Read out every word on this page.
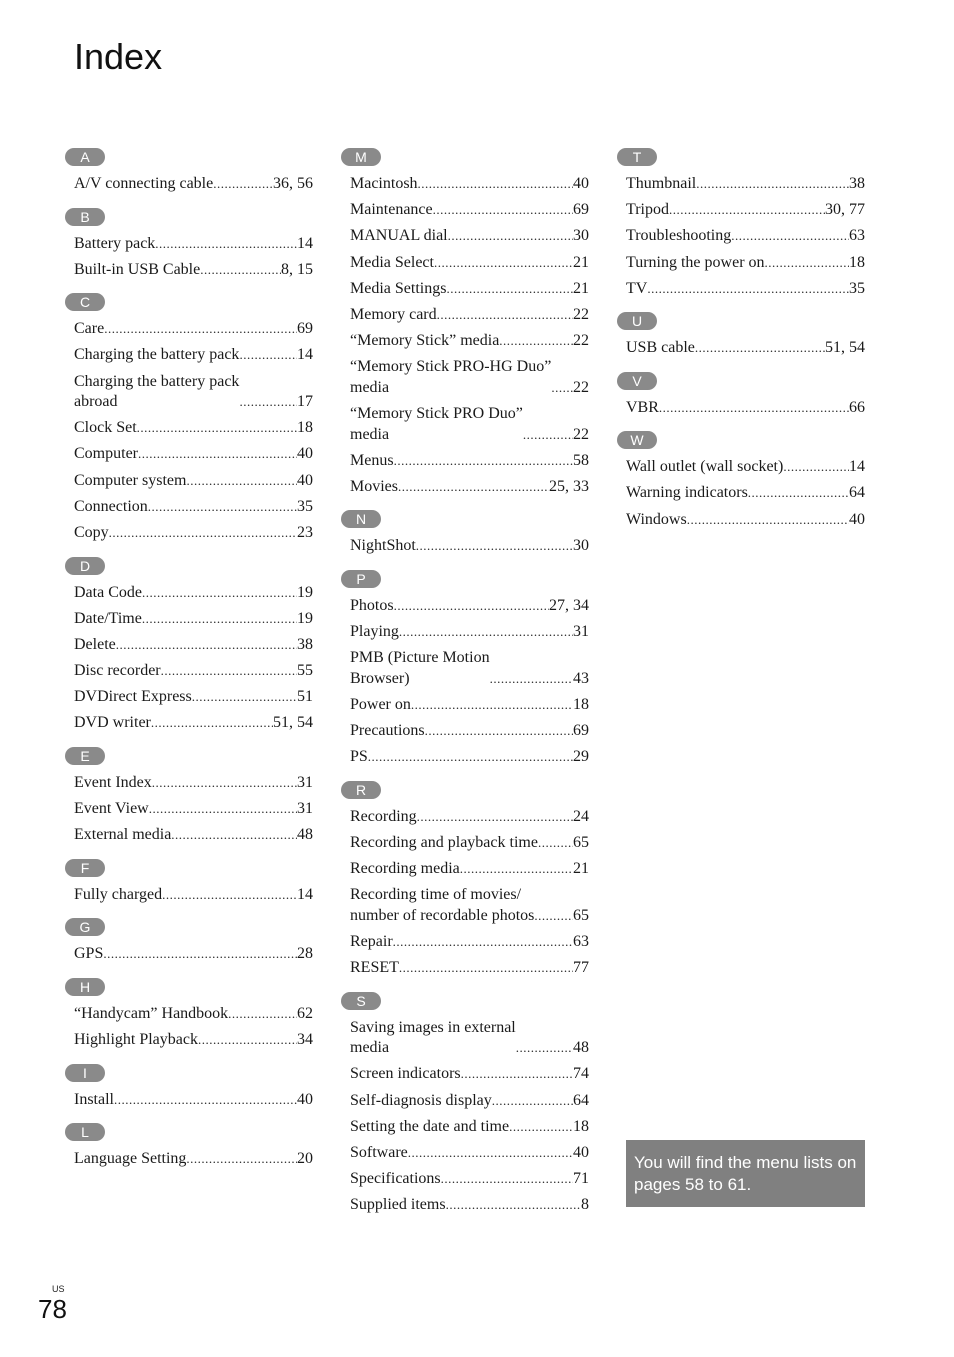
Index
A
A/V connecting cable .....	36, 56
B
Battery pack .....	14
Built-in USB Cable .....	8, 15
C
Care .....	69
Charging the battery pack .....	14
Charging the battery pack
abroad .....	17
Clock Set .....	18
Computer .....	40
Computer system .....	40
Connection .....	35
Copy .....	23
D
Data Code .....	19
Date/Time .....	19
Delete .....	38
Disc recorder .....	55
DVDirect Express .....	51
DVD writer .....	51, 54
E
Event Index .....	31
Event View .....	31
External media .....	48
F
Fully charged .....	14
G
GPS .....	28
H
“Handycam” Handbook .....	62
Highlight Playback .....	34
I
Install .....	40
L
Language Setting .....	20
M
Macintosh .....	40
Maintenance .....	69
MANUAL dial .....	30
Media Select .....	21
Media Settings .....	21
Memory card .....	22
“Memory Stick” media .....	22
“Memory Stick PRO-HG Duo”
media .....	22
“Memory Stick PRO Duo”
media .....	22
Menus .....	58
Movies .....	25, 33
N
NightShot .....	30
P
Photos .....	27, 34
Playing .....	31
PMB (Picture Motion
Browser) .....	43
Power on .....	18
Precautions .....	69
PS .....	29
R
Recording .....	24
Recording and playback time ..... 65
Recording media .....	21
Recording time of movies/
number of recordable photos ..... 65
Repair .....	63
RESET .....	77
S
Saving images in external
media .....	48
Screen indicators .....	74
Self-diagnosis display .....	64
Setting the date and time .....	18
Software .....	40
Specifications .....	71
Supplied items .....	8
T
Thumbnail .....	38
Tripod .....	30, 77
Troubleshooting .....	63
Turning the power on .....	18
TV .....	35
U
USB cable .....	51, 54
V
VBR .....	66
W
Wall outlet (wall socket) .....	14
Warning indicators .....	64
Windows .....	40
You will find the menu lists on pages 58 to 61.
US
78
